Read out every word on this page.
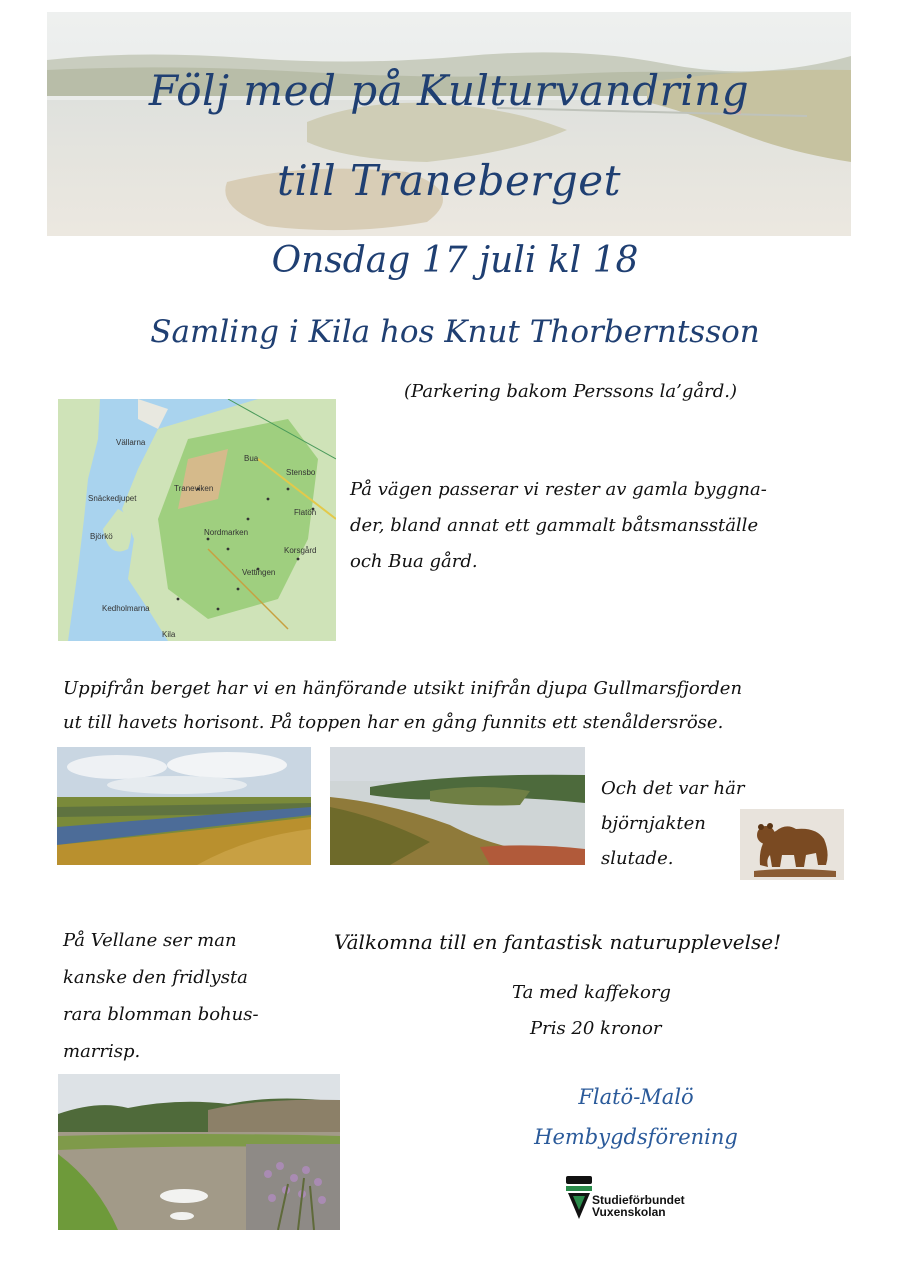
Följ med på Kulturvandring
till Traneberget
Onsdag 17 juli kl 18
Samling i Kila hos Knut Thorberntsson
(Parkering bakom Perssons la’gård.)
Vällarna
Bua
Stensbo
Traneviken
Flatön
Snäckedjupet
Björkö	Nordmarken
Korsgård
Vettingen
Kedholmarna
Kila
På vägen passerar vi rester av gamla byggna-
der, bland annat ett gammalt båtsmansställe
och Bua gård.
Uppifrån berget har vi en hänförande utsikt inifrån djupa Gullmarsfjorden
ut till havets horisont. På toppen har en gång funnits ett stenåldersröse.
Och det var här
björnjakten
slutade.
På Vellane ser man
kanske den fridlysta
rara blomman bohus-
marrisp.
Välkomna till en fantastisk naturupplevelse!
Ta med kaffekorg
Pris 20 kronor
Flatö-Malö
Hembygdsförening
Studieförbundet
Vuxenskolan
